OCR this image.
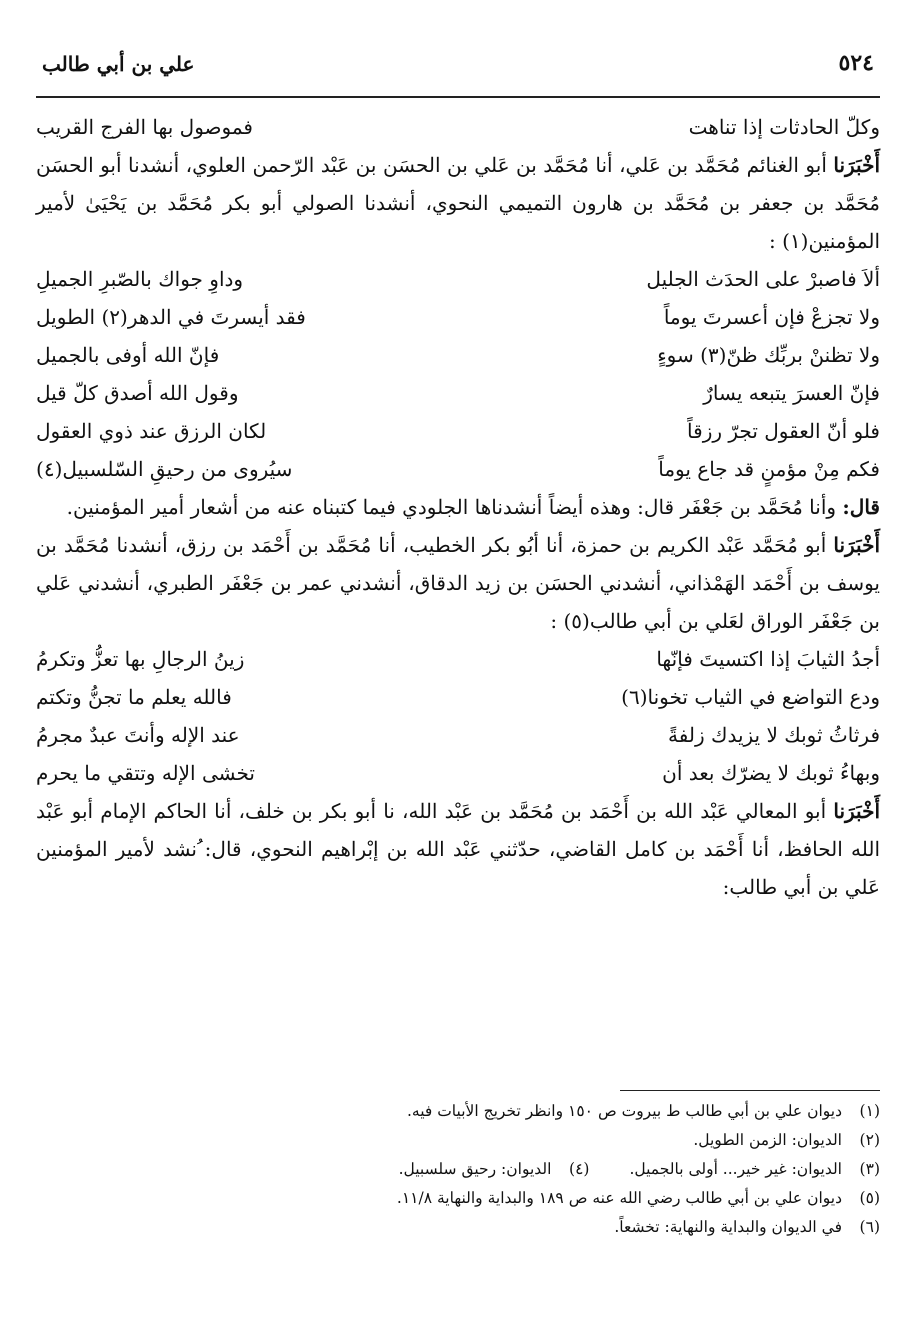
٥٢٤
علي بن أبي طالب
وكلّ الحادثات إذا تناهت
فموصول بها الفرج القريب

أَخْبَرَنا أبو الغنائم مُحَمَّد بن عَلي، أنا مُحَمَّد بن عَلي بن الحسَن بن عَبْد الرّحمن العلوي، أنشدنا أبو الحسَن مُحَمَّد بن جعفر بن مُحَمَّد بن هارون التميمي النحوي، أنشدنا الصولي أبو بكر مُحَمَّد بن يَحْيَىٰ لأمير المؤمنين(١) :

ألاَ فاصبرْ على الحدَث الجليل
وداوِ جواك بالصّبرِ الجميلِ
ولا تجزعْ فإن أعسرتَ يوماً
فقد أيسرتَ في الدهر(٢) الطويل
ولا تظننْ بربِّك ظنّ(٣) سوءٍ
فإنّ الله أوفى بالجميل
فإنّ العسرَ يتبعه يسارٌ
وقول الله أصدق كلّ قيل
فلو أنّ العقول تجرّ رزقاً
لكان الرزق عند ذوي العقول
فكم مِنْ مؤمنٍ قد جاع يوماً
سيُروى من رحيقِ السّلسبيل(٤)

قال: وأنا مُحَمَّد بن جَعْفَر قال: وهذه أيضاً أنشدناها الجلودي فيما كتبناه عنه من أشعار أمير المؤمنين.

أَخْبَرَنا أبو مُحَمَّد عَبْد الكريم بن حمزة، أنا أبُو بكر الخطيب، أنا مُحَمَّد بن أَحْمَد بن رزق، أنشدنا مُحَمَّد بن يوسف بن أَحْمَد الهَمْذاني، أنشدني الحسَن بن زيد الدقاق، أنشدني عمر بن جَعْفَر الطبري، أنشدني عَلي بن جَعْفَر الوراق لعَلي بن أبي طالب(٥) :

أجدُ الثيابَ إذا اكتسيتَ فإنّها
زينُ الرجالِ بها تعزُّ وتكرمُ
ودع التواضع في الثياب تخونا(٦)
فالله يعلم ما تجنُّ وتكتم
فرثاثُ ثوبك لا يزيدك زلفةً
عند الإله وأنتَ عبدٌ مجرمُ
وبهاءُ ثوبك لا يضرّك بعد أن
تخشى الإله وتتقي ما يحرم

أَخْبَرَنا أبو المعالي عَبْد الله بن أَحْمَد بن مُحَمَّد بن عَبْد الله، نا أبو بكر بن خلف، أنا الحاكم الإمام أبو عَبْد الله الحافظ، أنا أَحْمَد بن كامل القاضي، حدّثني عَبْد الله بن إبْراهيم النحوي، قال: ُنشد لأمير المؤمنين عَلي بن أبي طالب:

(١)
ديوان علي بن أبي طالب ط بيروت ص ١٥٠ وانظر تخريج الأبيات فيه.
(٢)
الديوان: الزمن الطويل.
(٣)
الديوان: غير خير... أولى بالجميل.
(٤)
الديوان: رحيق سلسبيل.
(٥)
ديوان علي بن أبي طالب رضي الله عنه ص ١٨٩ والبداية والنهاية ١١/٨.
(٦)
في الديوان والبداية والنهاية: تخشعاً.
